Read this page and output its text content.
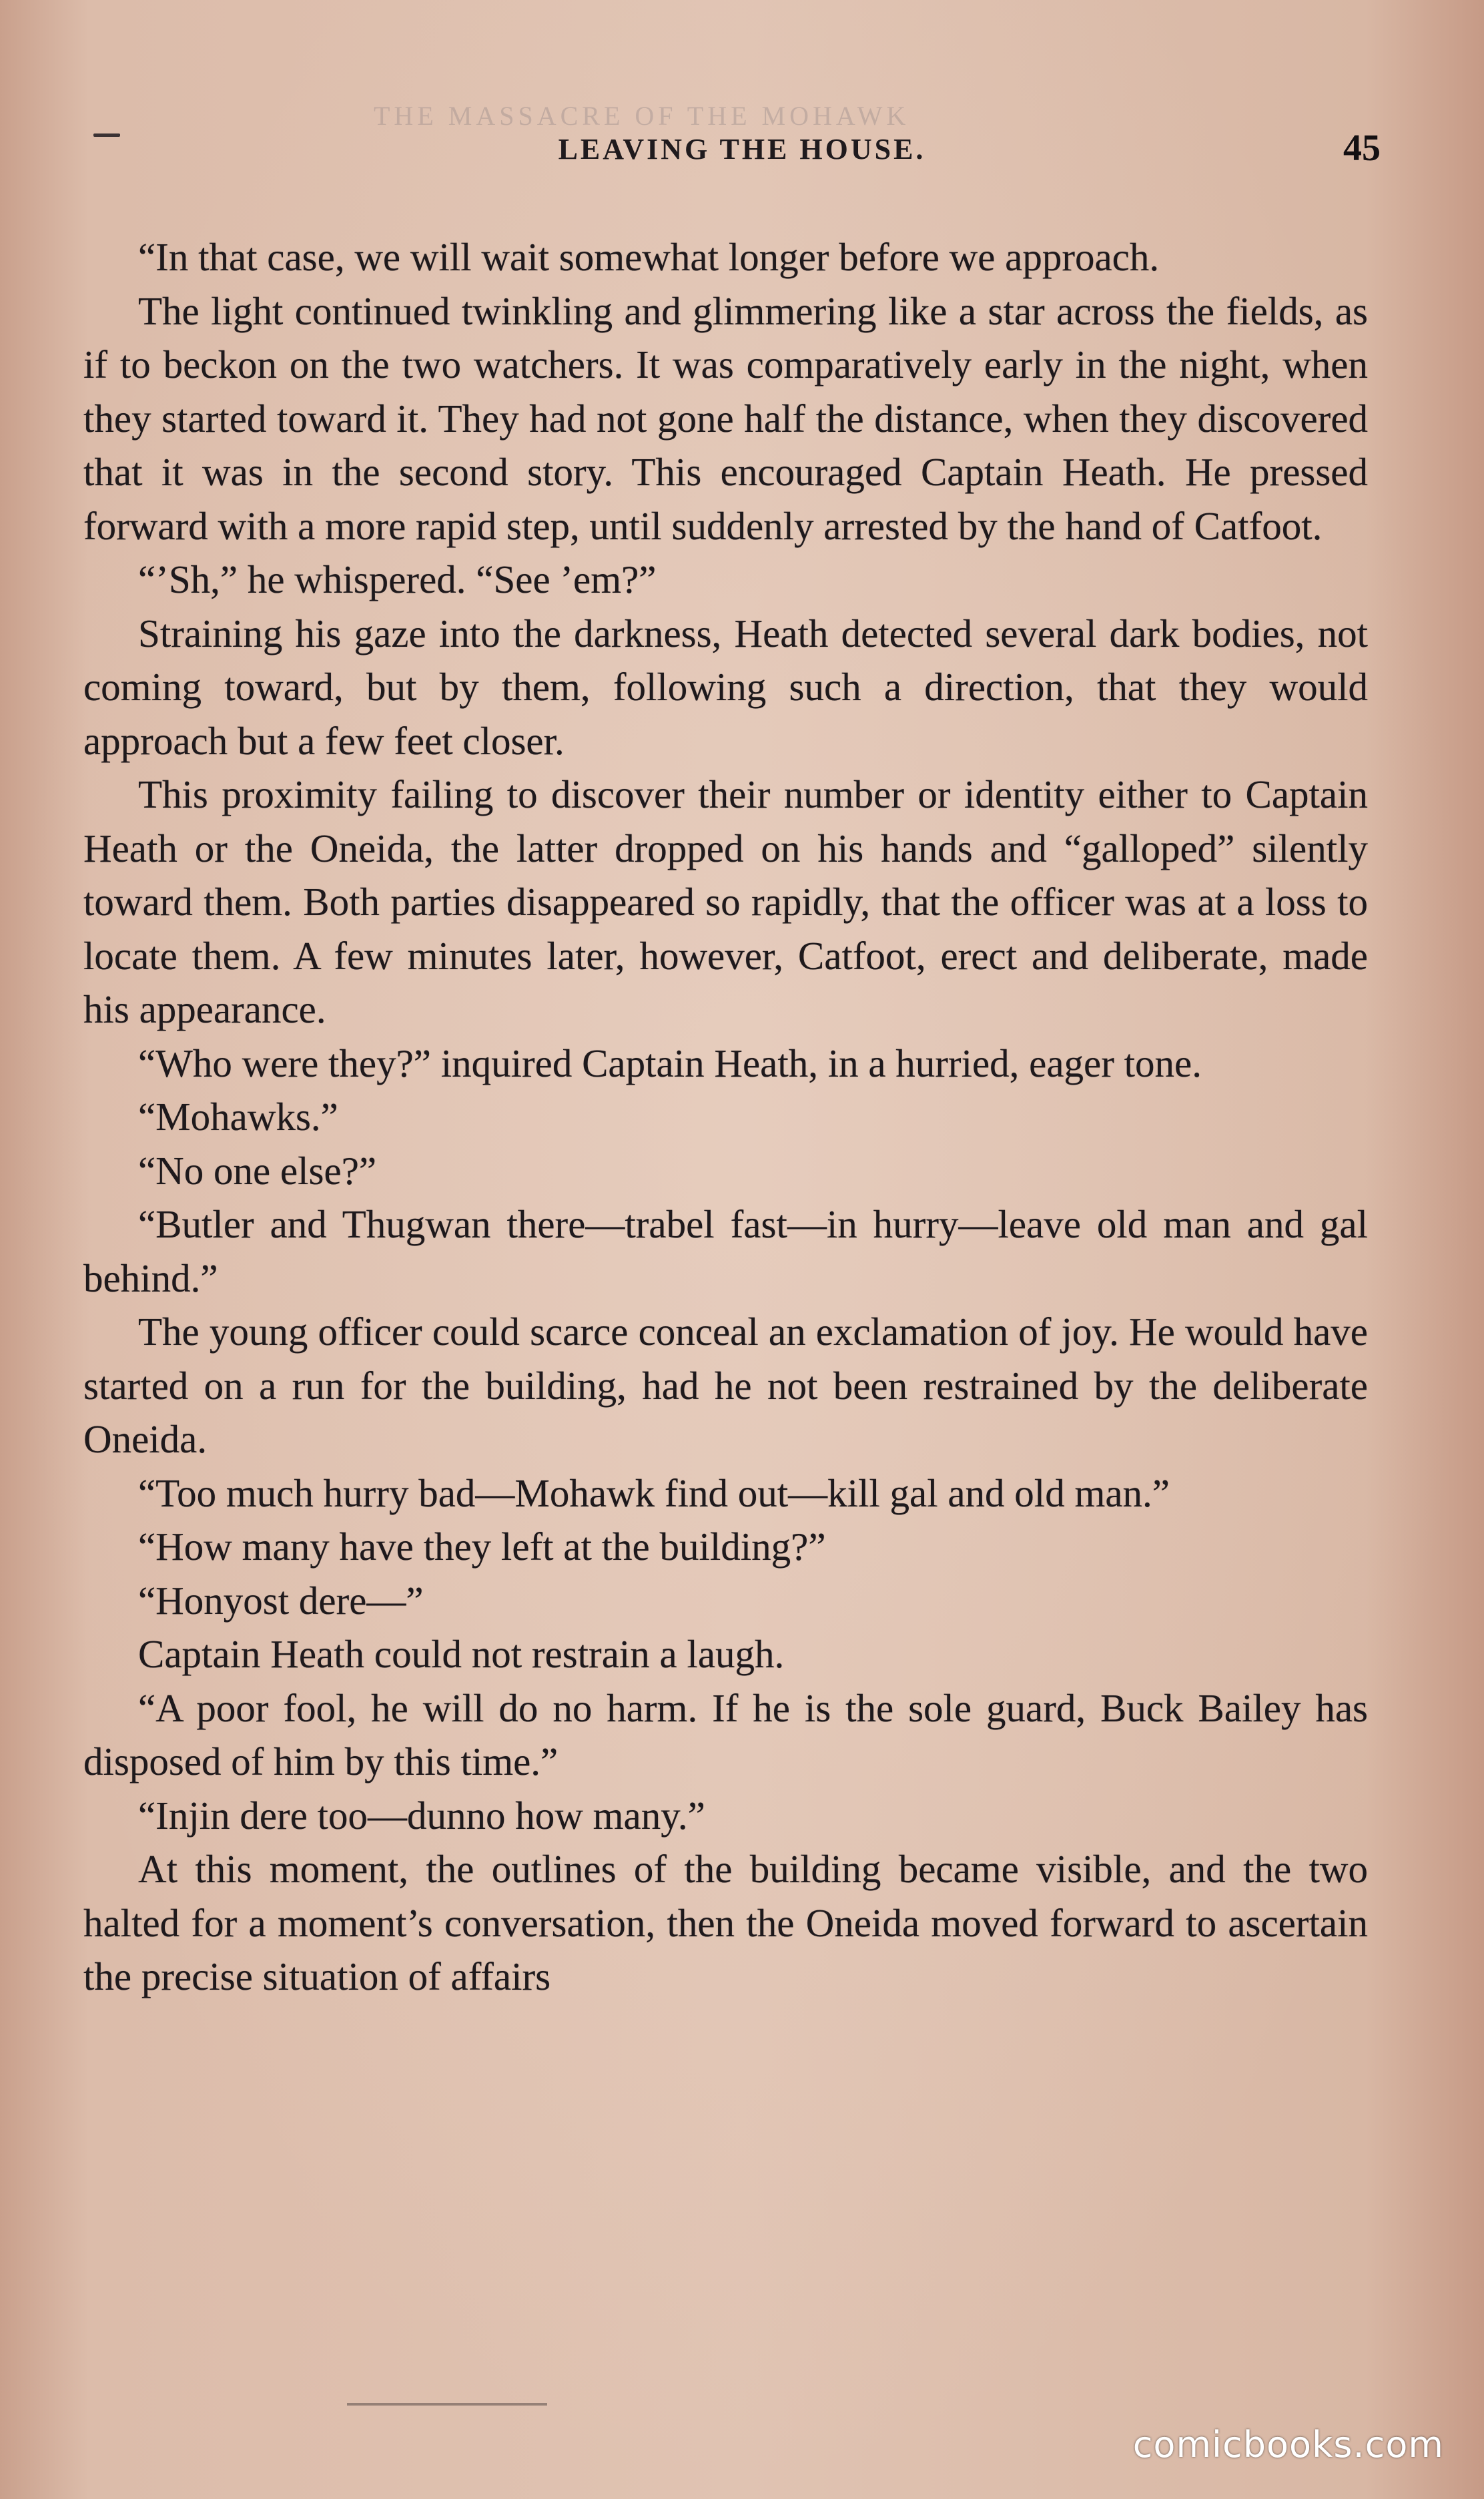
THE MASSACRE OF THE MOHAWK
LEAVING THE HOUSE.	45

“In that case, we will wait somewhat longer before we approach.

The light continued twinkling and glimmering like a star across the fields, as if to beckon on the two watchers. It was comparatively early in the night, when they started toward it. They had not gone half the distance, when they discovered that it was in the second story. This encouraged Captain Heath. He pressed forward with a more rapid step, until suddenly arrested by the hand of Catfoot.

“’Sh,” he whispered. “See ’em?”

Straining his gaze into the darkness, Heath detected several dark bodies, not coming toward, but by them, following such a direction, that they would approach but a few feet closer.

This proximity failing to discover their number or identity either to Captain Heath or the Oneida, the latter dropped on his hands and “galloped” silently toward them. Both parties disappeared so rapidly, that the officer was at a loss to locate them. A few minutes later, however, Catfoot, erect and deliberate, made his appearance.

“Who were they?” inquired Captain Heath, in a hurried, eager tone.

“Mohawks.”

“No one else?”

“Butler and Thugwan there—trabel fast—in hurry—leave old man and gal behind.”

The young officer could scarce conceal an exclamation of joy. He would have started on a run for the building, had he not been restrained by the deliberate Oneida.

“Too much hurry bad—Mohawk find out—kill gal and old man.”

“How many have they left at the building?”

“Honyost dere—”

Captain Heath could not restrain a laugh.

“A poor fool, he will do no harm. If he is the sole guard, Buck Bailey has disposed of him by this time.”

“Injin dere too—dunno how many.”

At this moment, the outlines of the building became visible, and the two halted for a moment’s conversation, then the Oneida moved forward to ascertain the precise situation of affairs

comicbooks.com
